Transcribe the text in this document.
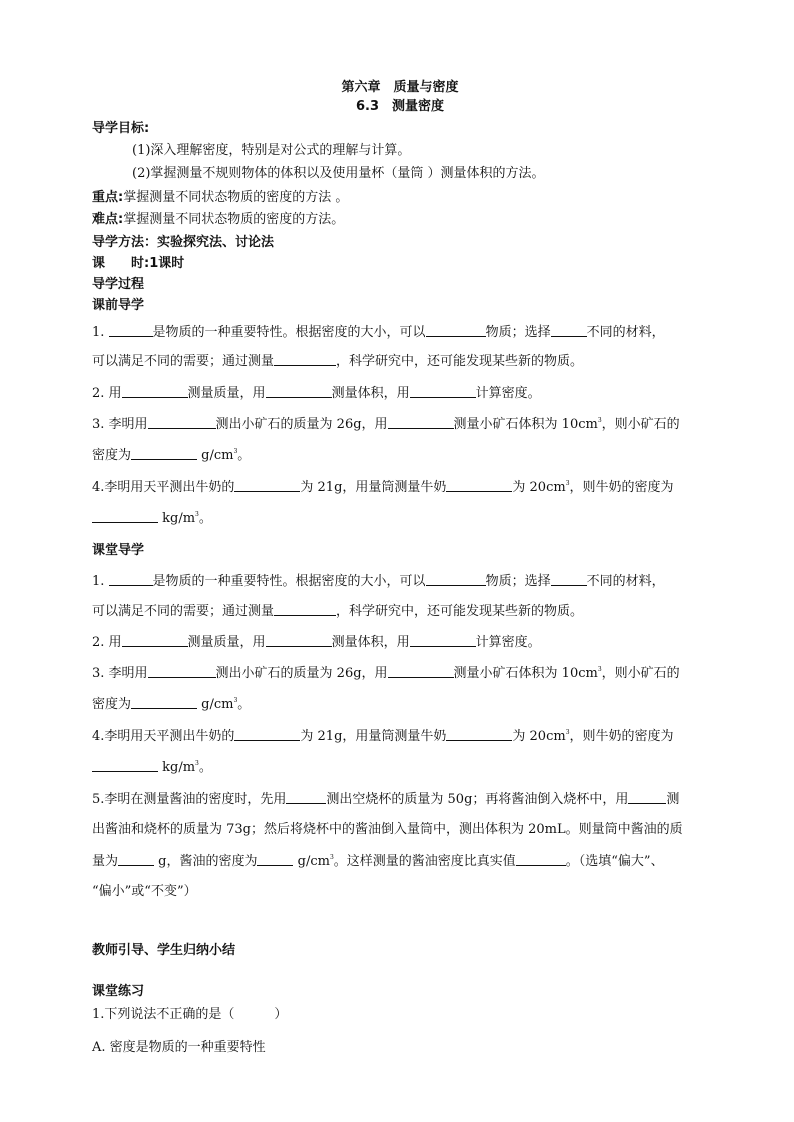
第六章　质量与密度
6.3　测量密度
导学目标:
(1)深入理解密度，特别是对公式的理解与计算。
(2)掌握测量不规则物体的体积以及使用量杯（量筒 ）测量体积的方法。
重点:掌握测量不同状态物质的密度的方法 。
难点:掌握测量不同状态物质的密度的方法。
导学方法：实验探究法、讨论法
课　　时:1课时
导学过程
课前导学
1.	是物质的一种重要特性。根据密度的大小，可以	物质；选择	不同的材料，
可以满足不同的需要；通过测量	，科学研究中，还可能发现某些新的物质。
2. 用	测量质量，用	测量体积，用	计算密度。
3. 李明用	测出小矿石的质量为 26g，用	测量小矿石体积为 $10cm^3$，则小矿石的
密度为	$g/cm^3$。
4.李明用天平测出牛奶的	为 21g，用量筒测量牛奶	为 $20cm^3$，则牛奶的密度为
$kg/m^3$。
课堂导学
1.	是物质的一种重要特性。根据密度的大小，可以	物质；选择	不同的材料，
可以满足不同的需要；通过测量	，科学研究中，还可能发现某些新的物质。
2. 用	测量质量，用	测量体积，用	计算密度。
3. 李明用	测出小矿石的质量为 26g，用	测量小矿石体积为 $10cm^3$，则小矿石的
密度为	$g/cm^3$。
4.李明用天平测出牛奶的	为 21g，用量筒测量牛奶	为 $20cm^3$，则牛奶的密度为
$kg/m^3$。
5.李明在测量酱油的密度时，先用	测出空烧杯的质量为 50g；再将酱油倒入烧杯中，用	测
出酱油和烧杯的质量为 73g；然后将烧杯中的酱油倒入量筒中，测出体积为 20mL。则量筒中酱油的质
量为	g，酱油的密度为	$g/cm^3$。这样测量的酱油密度比真实值	。（选填“偏大”、
“偏小”或“不变”）
教师引导、学生归纳小结
课堂练习
1.下列说法不正确的是（	）
A. 密度是物质的一种重要特性
